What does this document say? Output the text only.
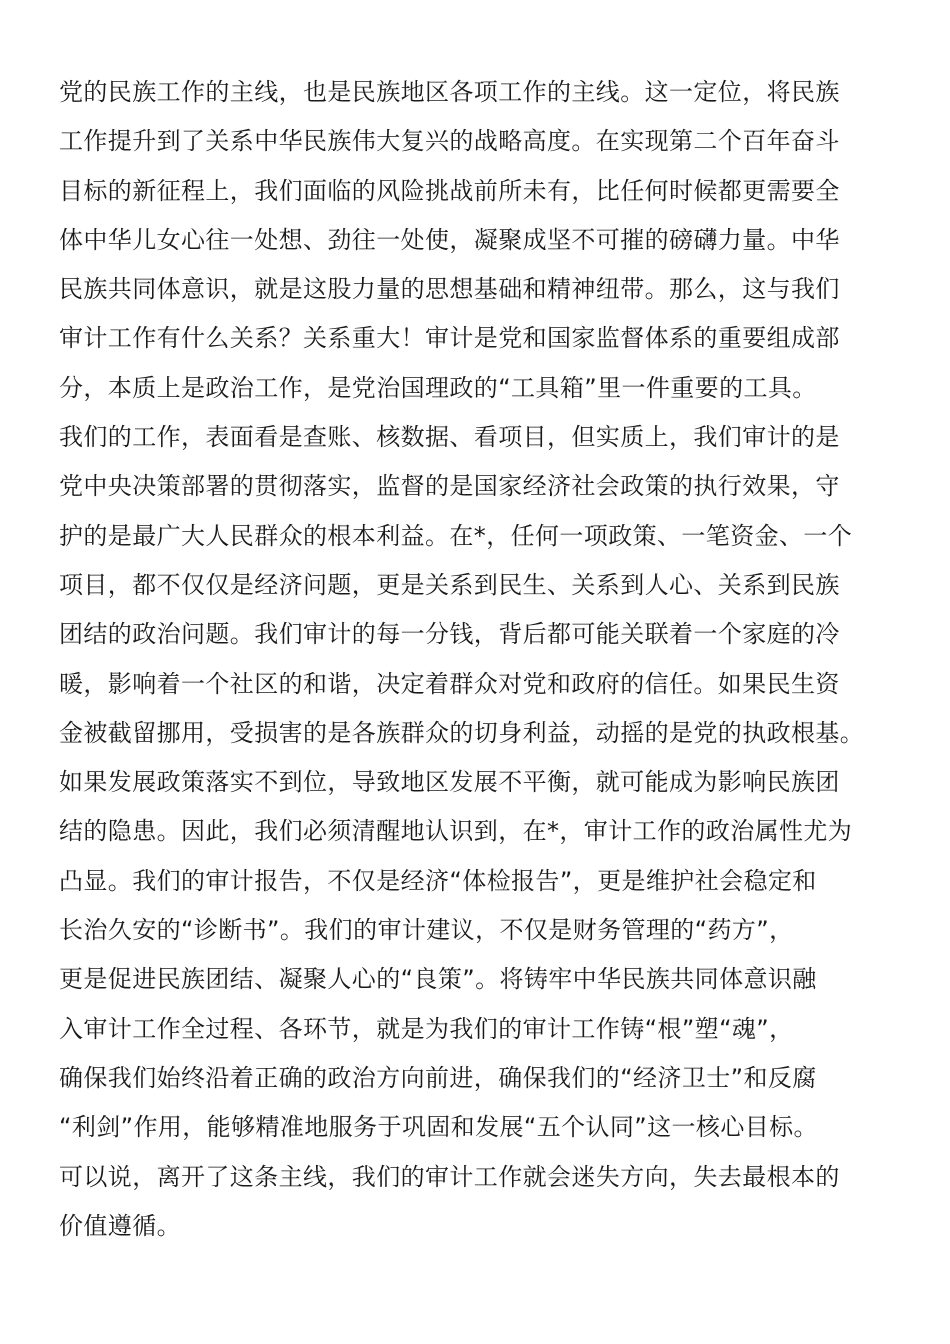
党的民族工作的主线，也是民族地区各项工作的主线。这一定位，将民族
工作提升到了关系中华民族伟大复兴的战略高度。在实现第二个百年奋斗
目标的新征程上，我们面临的风险挑战前所未有，比任何时候都更需要全
体中华儿女心往一处想、劲往一处使，凝聚成坚不可摧的磅礴力量。中华
民族共同体意识，就是这股力量的思想基础和精神纽带。那么，这与我们
审计工作有什么关系？关系重大！审计是党和国家监督体系的重要组成部
分，本质上是政治工作，是党治国理政的“工具箱”里一件重要的工具。
我们的工作，表面看是查账、核数据、看项目，但实质上，我们审计的是
党中央决策部署的贯彻落实，监督的是国家经济社会政策的执行效果，守
护的是最广大人民群众的根本利益。在*，任何一项政策、一笔资金、一个
项目，都不仅仅是经济问题，更是关系到民生、关系到人心、关系到民族
团结的政治问题。我们审计的每一分钱，背后都可能关联着一个家庭的冷
暖，影响着一个社区的和谐，决定着群众对党和政府的信任。如果民生资
金被截留挪用，受损害的是各族群众的切身利益，动摇的是党的执政根基。
如果发展政策落实不到位，导致地区发展不平衡，就可能成为影响民族团
结的隐患。因此，我们必须清醒地认识到，在*，审计工作的政治属性尤为
凸显。我们的审计报告，不仅是经济“体检报告”，更是维护社会稳定和
长治久安的“诊断书”。我们的审计建议，不仅是财务管理的“药方”，
更是促进民族团结、凝聚人心的“良策”。将铸牢中华民族共同体意识融
入审计工作全过程、各环节，就是为我们的审计工作铸“根”塑“魂”，
确保我们始终沿着正确的政治方向前进，确保我们的“经济卫士”和反腐
“利剑”作用，能够精准地服务于巩固和发展“五个认同”这一核心目标。
可以说，离开了这条主线，我们的审计工作就会迷失方向，失去最根本的
价值遵循。
